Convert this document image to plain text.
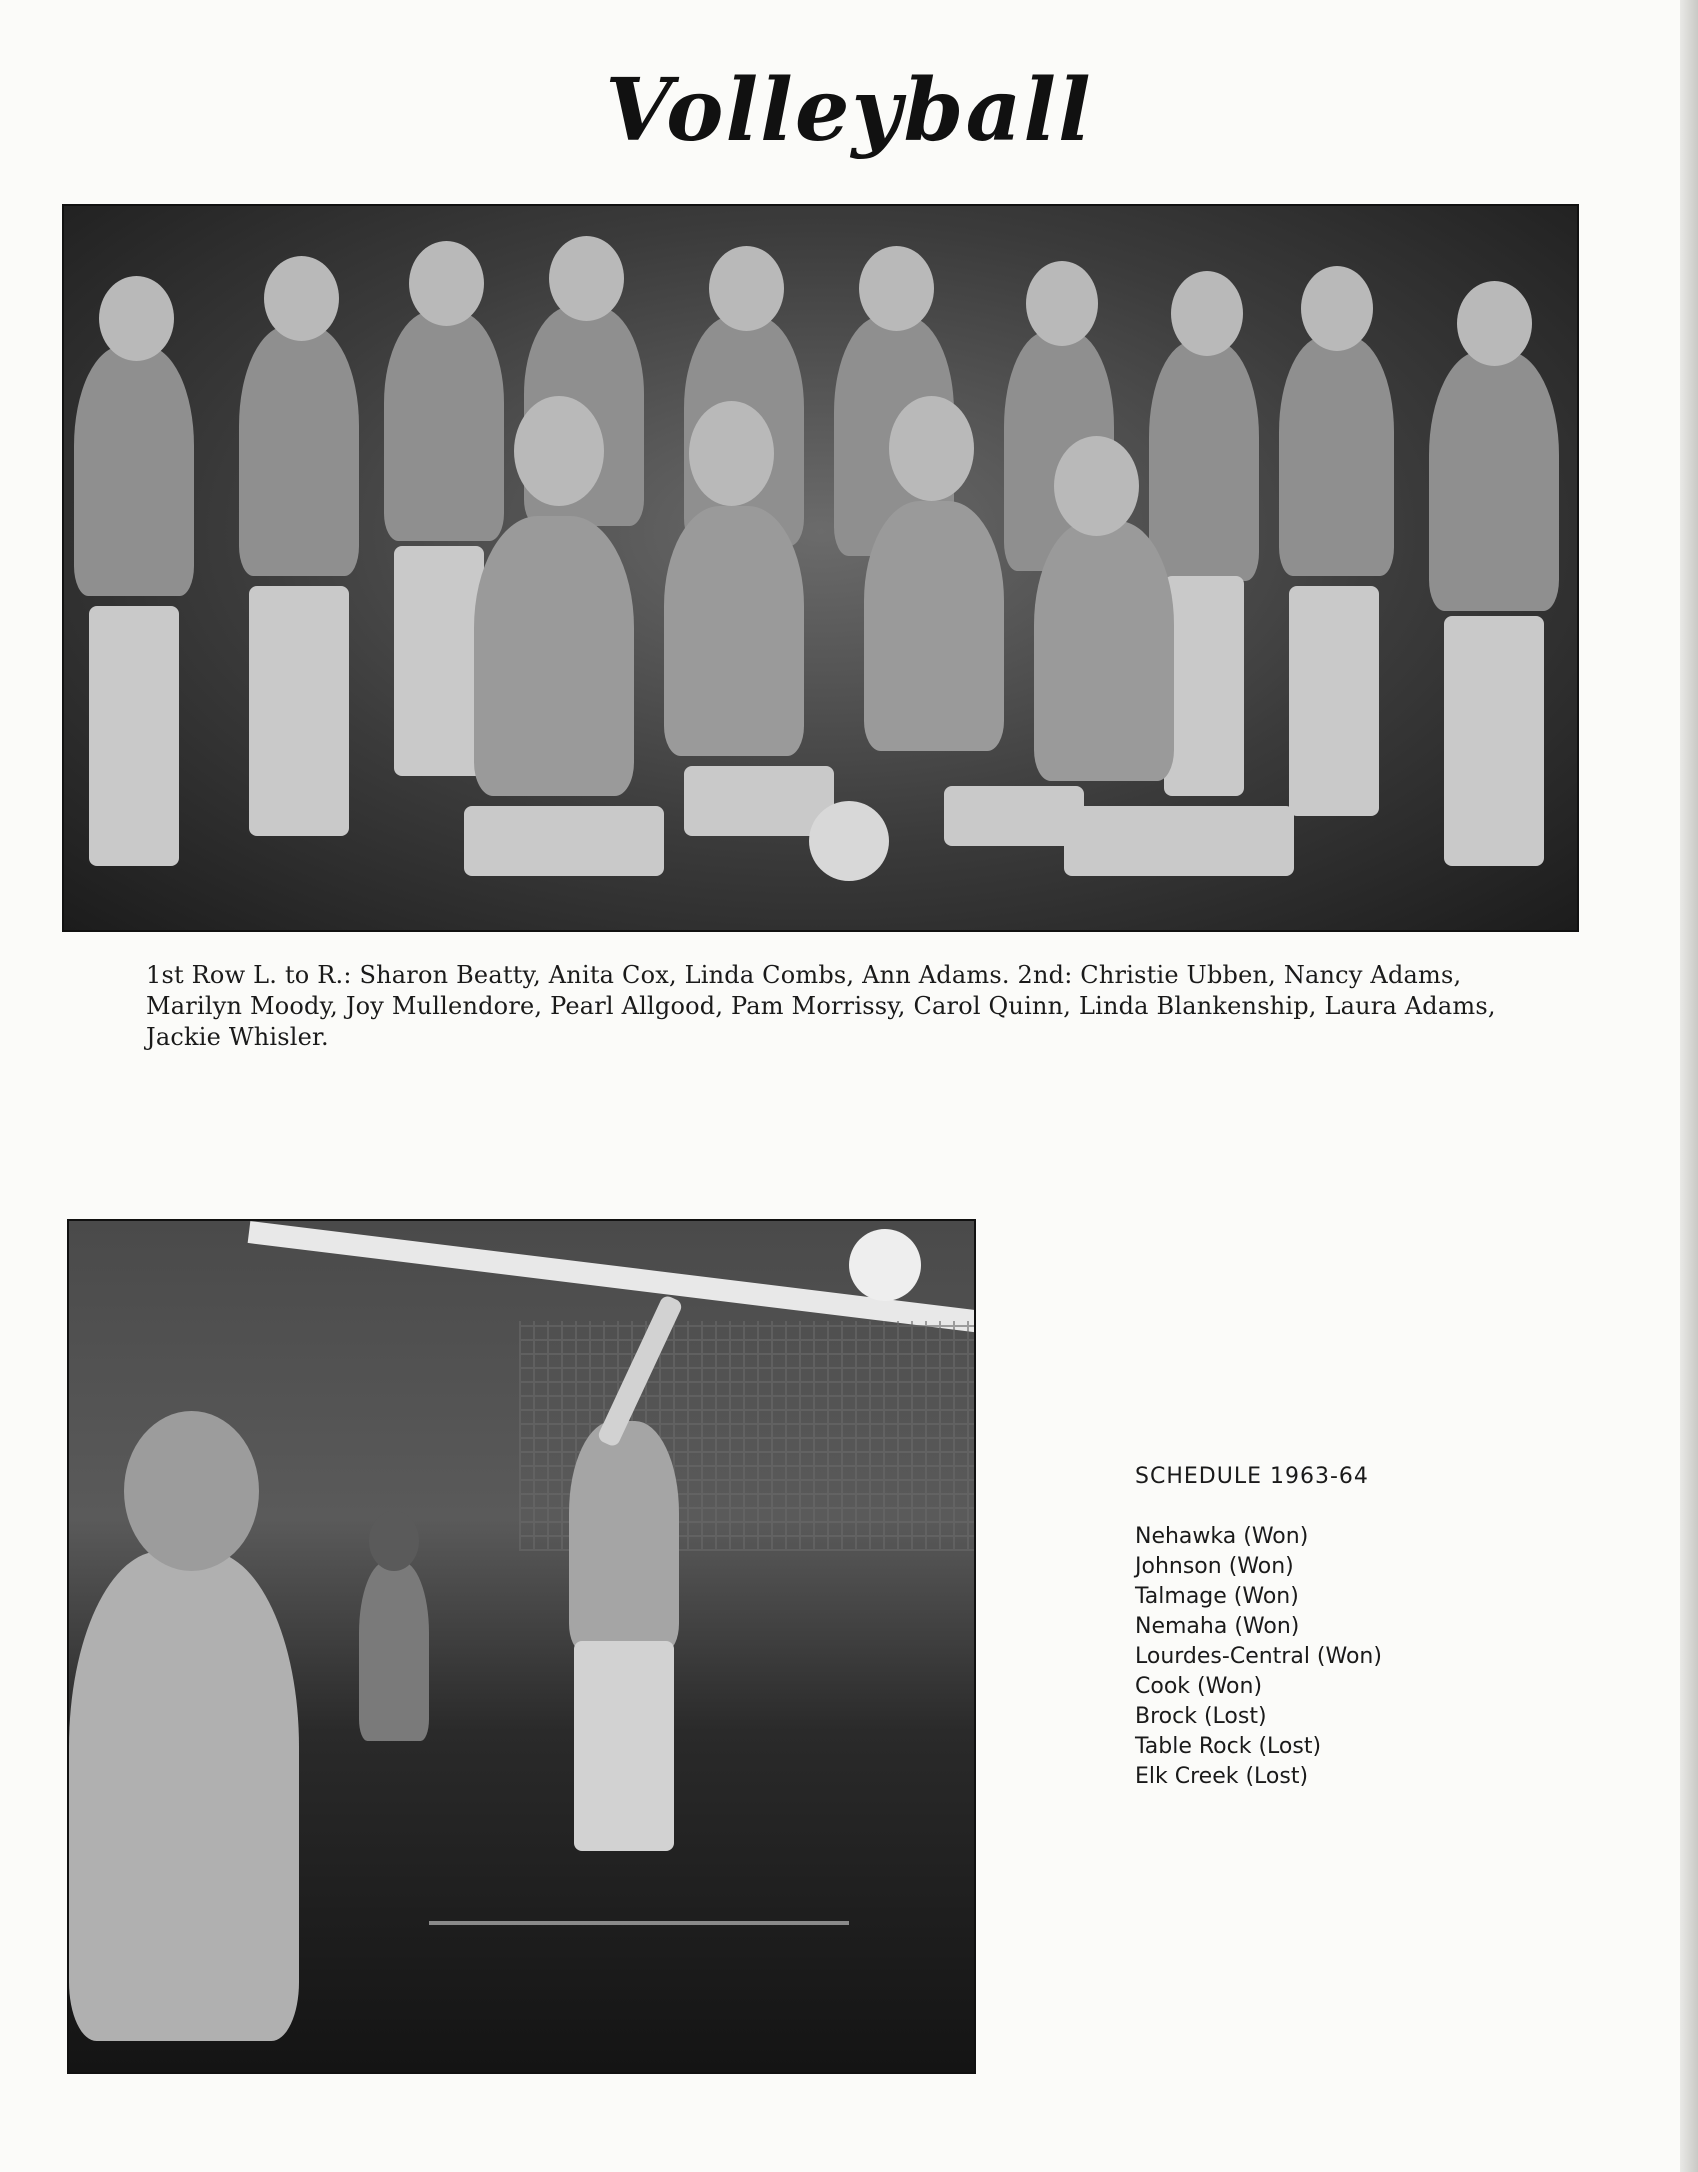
Volleyball
1st Row L. to R.: Sharon Beatty, Anita Cox, Linda Combs, Ann Adams. 2nd: Christie Ubben, Nancy Adams, Marilyn Moody, Joy Mullendore, Pearl Allgood, Pam Morrissy, Carol Quinn, Linda Blankenship, Laura Adams, Jackie Whisler.
SCHEDULE 1963-64
Nehawka (Won)
Johnson (Won)
Talmage (Won)
Nemaha (Won)
Lourdes-Central (Won)
Cook (Won)
Brock (Lost)
Table Rock (Lost)
Elk Creek (Lost)
